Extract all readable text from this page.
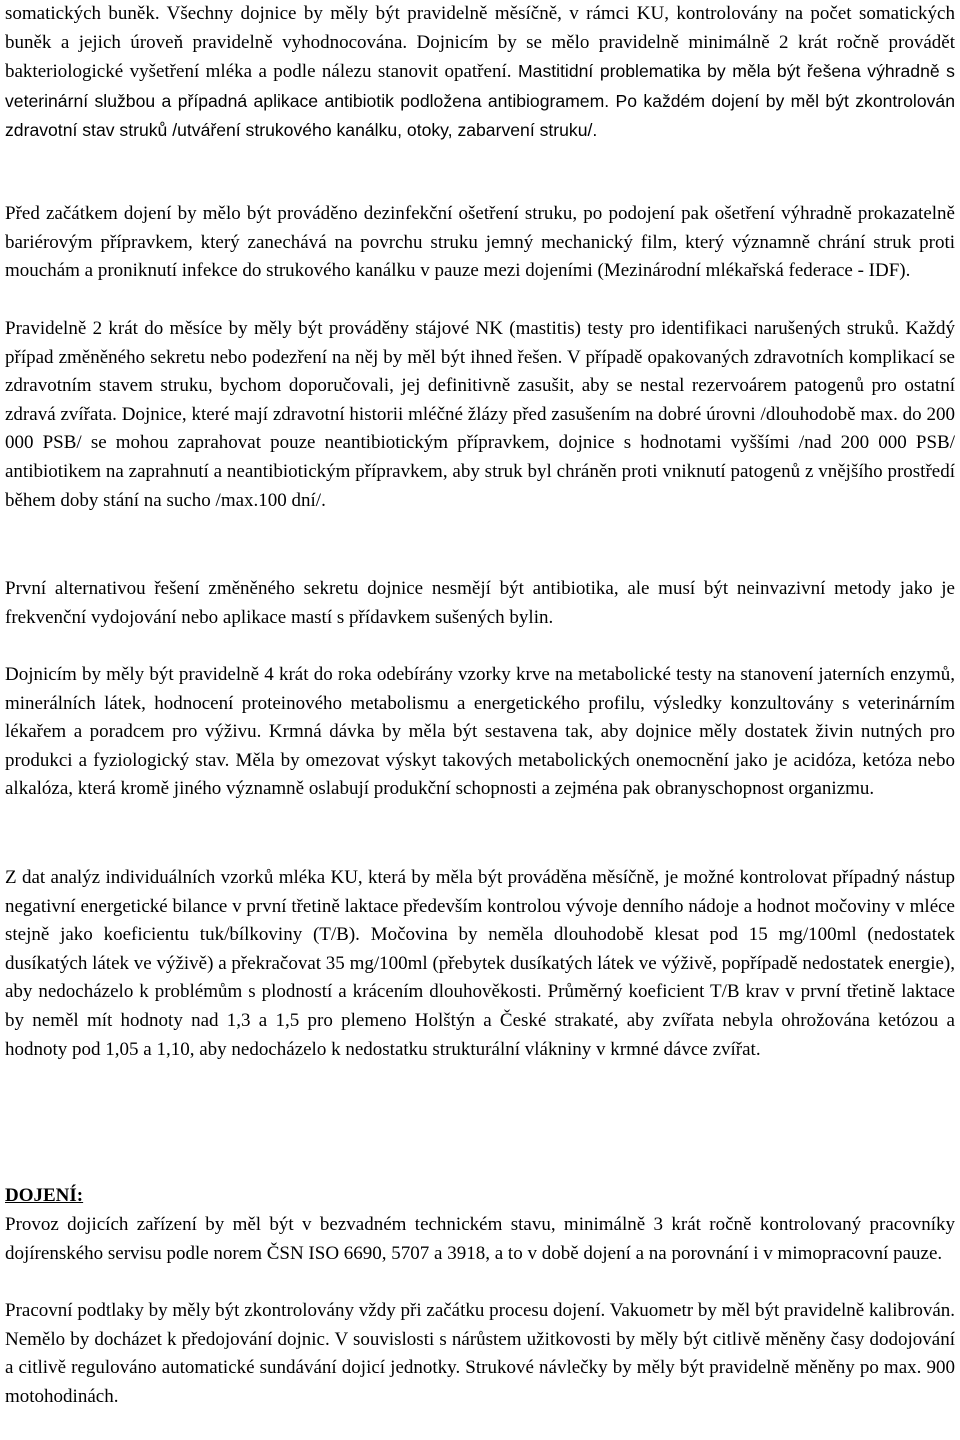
somatických buněk. Všechny dojnice by měly být pravidelně měsíčně, v rámci KU, kontrolovány na počet somatických buněk a jejich úroveň pravidelně vyhodnocována. Dojnicím by se mělo pravidelně minimálně 2 krát ročně provádět bakteriologické vyšetření mléka a podle nálezu stanovit opatření. Mastitidní problematika by měla být řešena výhradně s veterinární službou a případná aplikace antibiotik podložena antibiogramem. Po každém dojení by měl být zkontrolován zdravotní stav struků /utváření strukového kanálku, otoky, zabarvení struku/.

Před začátkem dojení by mělo být prováděno dezinfekční ošetření struku, po podojení pak ošetření výhradně prokazatelně bariérovým přípravkem, který zanechává na povrchu struku jemný mechanický film, který významně chrání struk proti mouchám a proniknutí infekce do strukového kanálku v pauze mezi dojeními (Mezinárodní mlékařská federace - IDF).

Pravidelně 2 krát do měsíce by měly být prováděny stájové NK (mastitis) testy pro identifikaci narušených struků. Každý případ změněného sekretu nebo podezření na něj by měl být ihned řešen. V případě opakovaných zdravotních komplikací se zdravotním stavem struku, bychom doporučovali, jej definitivně zasušit, aby se nestal rezervoárem patogenů pro ostatní zdravá zvířata. Dojnice, které mají zdravotní historii mléčné žlázy před zasušením na dobré úrovni /dlouhodobě max. do 200 000 PSB/ se mohou zaprahovat pouze neantibiotickým přípravkem, dojnice s hodnotami vyššími /nad 200 000 PSB/ antibiotikem na zaprahnutí a neantibiotickým přípravkem, aby struk byl chráněn proti vniknutí patogenů z vnějšího prostředí během doby stání na sucho /max.100 dní/.

První alternativou řešení změněného sekretu dojnice nesmějí být antibiotika, ale musí být neinvazivní metody jako je frekvenční vydojování nebo aplikace mastí s přídavkem sušených bylin.

Dojnicím by měly být pravidelně 4 krát do roka odebírány vzorky krve na metabolické testy na stanovení jaterních enzymů, minerálních látek, hodnocení proteinového metabolismu a energetického profilu, výsledky konzultovány s veterinárním lékařem a poradcem pro výživu. Krmná dávka by měla být sestavena tak, aby dojnice měly dostatek živin nutných pro produkci a fyziologický stav. Měla by omezovat výskyt takových metabolických onemocnění jako je acidóza, ketóza nebo alkalóza, která kromě jiného významně oslabují produkční schopnosti a zejména pak obranyschopnost organizmu.

Z dat analýz individuálních vzorků mléka KU, která by měla být prováděna měsíčně, je možné kontrolovat případný nástup negativní energetické bilance v první třetině laktace především kontrolou vývoje denního nádoje a hodnot močoviny v mléce stejně jako koeficientu tuk/bílkoviny (T/B). Močovina by neměla dlouhodobě klesat pod 15 mg/100ml (nedostatek dusíkatých látek ve výživě) a překračovat 35 mg/100ml (přebytek dusíkatých látek ve výživě, popřípadě nedostatek energie), aby nedocházelo k problémům s plodností a krácením dlouhověkosti. Průměrný koeficient T/B krav v první třetině laktace by neměl mít hodnoty nad 1,3 a 1,5 pro plemeno Holštýn a České strakaté, aby zvířata nebyla ohrožována ketózou a hodnoty pod 1,05 a 1,10, aby nedocházelo k nedostatku strukturální vlákniny v krmné dávce zvířat.

DOJENÍ:

Provoz dojicích zařízení by měl být v bezvadném technickém stavu, minimálně 3 krát ročně kontrolovaný pracovníky dojírenského servisu podle norem ČSN ISO 6690, 5707 a 3918, a to v době dojení a na porovnání i v mimopracovní pauze.

Pracovní podtlaky by měly být zkontrolovány vždy při začátku procesu dojení. Vakuometr by měl být pravidelně kalibrován. Nemělo by docházet k předojování dojnic. V souvislosti s nárůstem užitkovosti by měly být citlivě měněny časy dodojování a citlivě regulováno automatické sundávání dojicí jednotky. Strukové návlečky by měly být pravidelně měněny po max. 900 motohodinách.
